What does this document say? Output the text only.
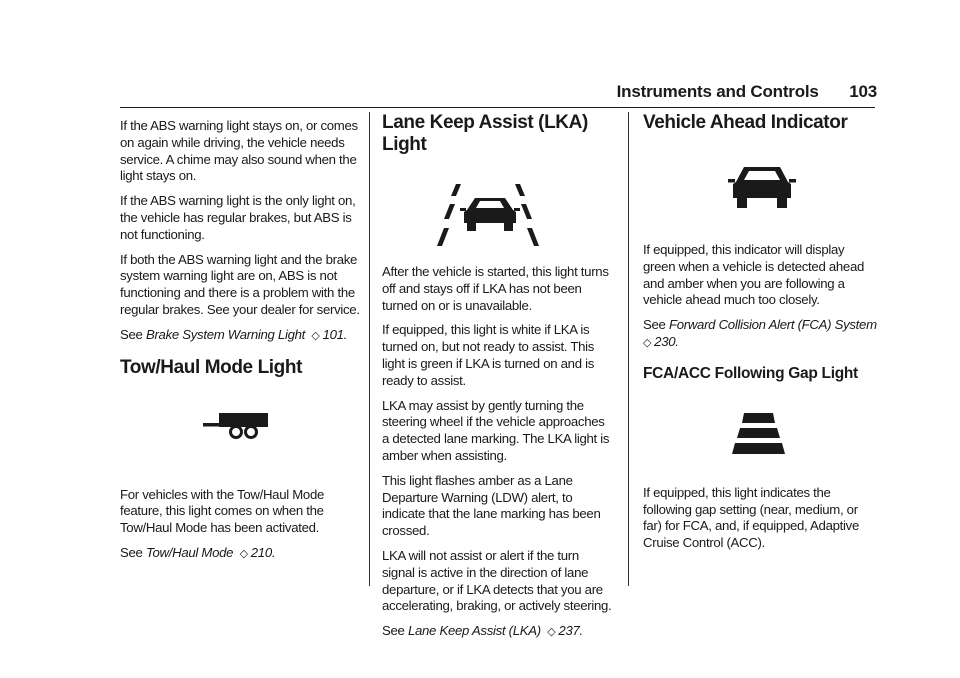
Instruments and Controls 103

If the ABS warning light stays on, or comes on again while driving, the vehicle needs service. A chime may also sound when the light stays on.

If the ABS warning light is the only light on, the vehicle has regular brakes, but ABS is not functioning.

If both the ABS warning light and the brake system warning light are on, ABS is not functioning and there is a problem with the regular brakes. See your dealer for service.

See Brake System Warning Light ◇ 101.

Tow/Haul Mode Light

For vehicles with the Tow/Haul Mode feature, this light comes on when the Tow/Haul Mode has been activated.

See Tow/Haul Mode ◇ 210.

Lane Keep Assist (LKA) Light

After the vehicle is started, this light turns off and stays off if LKA has not been turned on or is unavailable.

If equipped, this light is white if LKA is turned on, but not ready to assist. This light is green if LKA is turned on and is ready to assist.

LKA may assist by gently turning the steering wheel if the vehicle approaches a detected lane marking. The LKA light is amber when assisting.

This light flashes amber as a Lane Departure Warning (LDW) alert, to indicate that the lane marking has been crossed.

LKA will not assist or alert if the turn signal is active in the direction of lane departure, or if LKA detects that you are accelerating, braking, or actively steering.

See Lane Keep Assist (LKA) ◇ 237.

Vehicle Ahead Indicator

If equipped, this indicator will display green when a vehicle is detected ahead and amber when you are following a vehicle ahead much too closely.

See Forward Collision Alert (FCA) System
◇ 230.

FCA/ACC Following Gap Light

If equipped, this light indicates the following gap setting (near, medium, or far) for FCA, and, if equipped, Adaptive Cruise Control (ACC).
